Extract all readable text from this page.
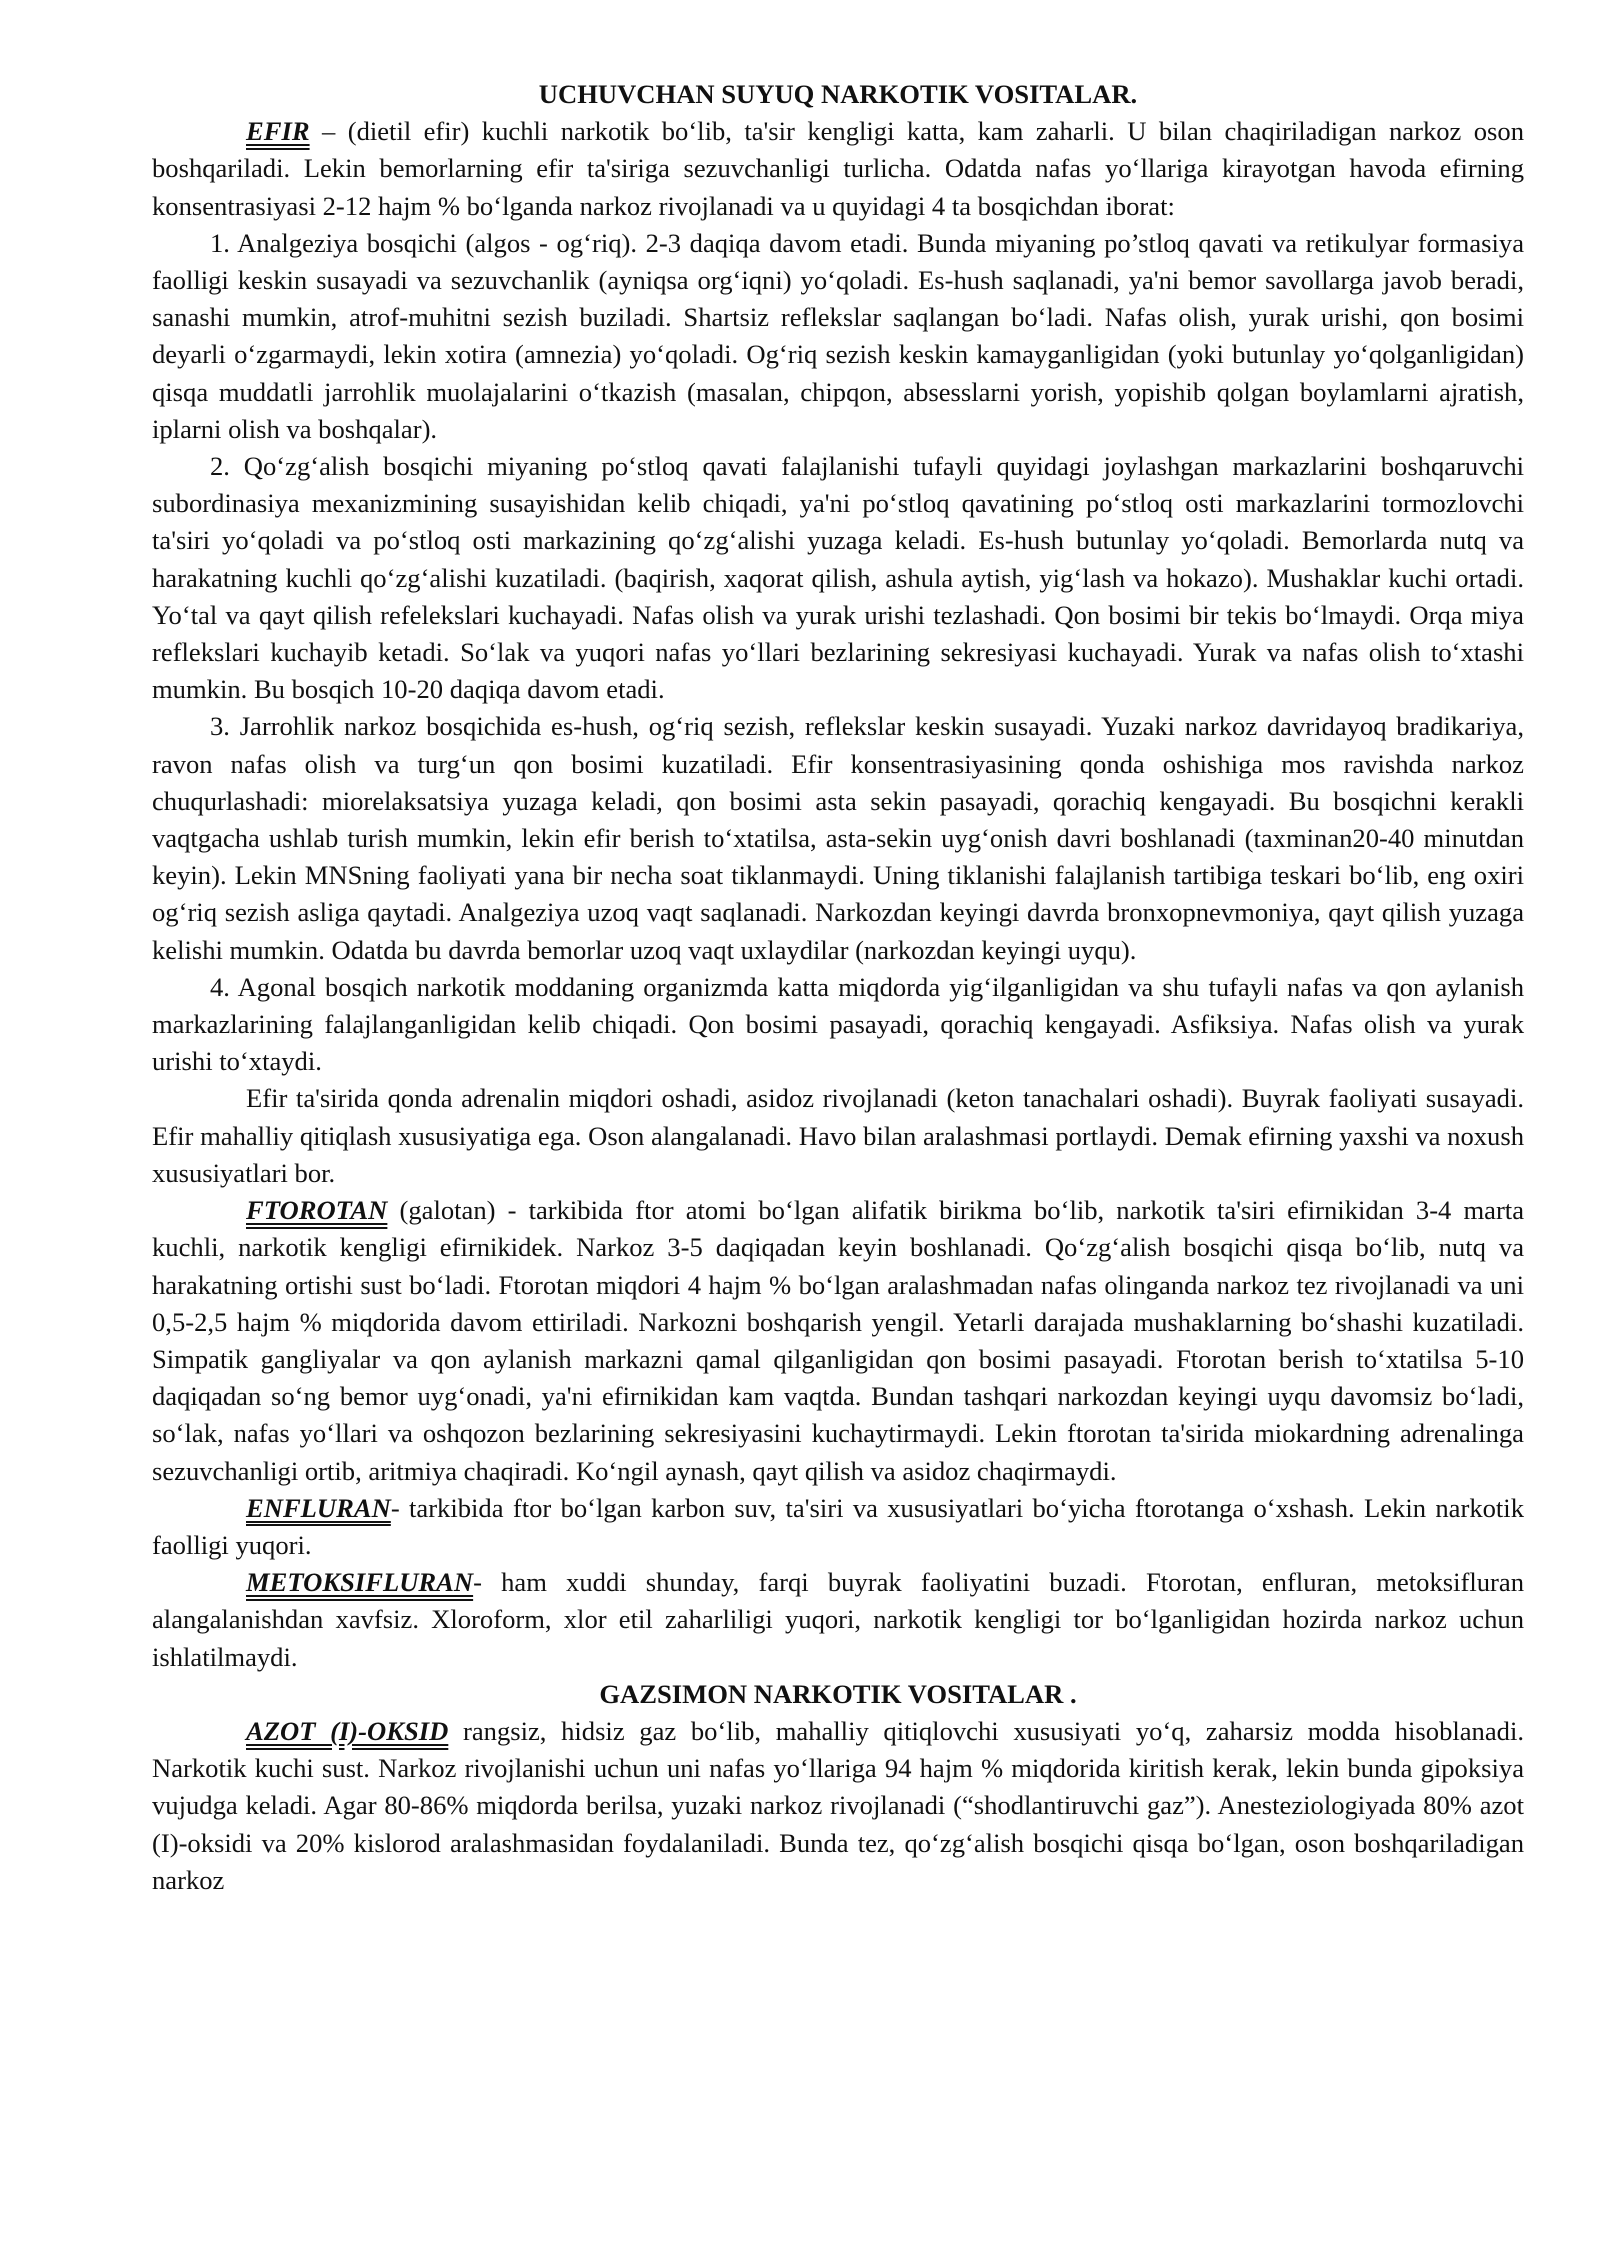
UCHUVCHAN SUYUQ NARKOTIK VOSITALAR.

EFIR – (dietil efir) kuchli narkotik bo‘lib, ta'sir kengligi katta, kam zaharli. U bilan chaqiriladigan narkoz oson boshqariladi. Lekin bemorlarning efir ta'siriga sezuvchanligi turlicha. Odatda nafas yo‘llariga kirayotgan havoda efirning konsentrasiyasi 2-12 hajm % bo‘lganda narkoz rivojlanadi va u quyidagi 4 ta bosqichdan iborat:

1. Analgeziya bosqichi (algos - og‘riq). 2-3 daqiqa davom etadi. Bunda miyaning po’stloq qavati va retikulyar formasiya faolligi keskin susayadi va sezuvchanlik (ayniqsa org‘iqni) yo‘qoladi. Es-hush saqlanadi, ya'ni bemor savollarga javob beradi, sanashi mumkin, atrof-muhitni sezish buziladi. Shartsiz reflekslar saqlangan bo‘ladi. Nafas olish, yurak urishi, qon bosimi deyarli o‘zgarmaydi, lekin xotira (amnezia) yo‘qoladi. Og‘riq sezish keskin kamayganligidan (yoki butunlay yo‘qolganligidan) qisqa muddatli jarrohlik muolajalarini o‘tkazish (masalan, chipqon, absesslarni yorish, yopishib qolgan boylamlarni ajratish, iplarni olish va boshqalar).

2. Qo‘zg‘alish bosqichi miyaning po‘stloq qavati falajlanishi tufayli quyidagi joylashgan markazlarini boshqaruvchi subordinasiya mexanizmining susayishidan kelib chiqadi, ya'ni po‘stloq qavatining po‘stloq osti markazlarini tormozlovchi ta'siri yo‘qoladi va po‘stloq osti markazining qo‘zg‘alishi yuzaga keladi. Es-hush butunlay yo‘qoladi. Bemorlarda nutq va harakatning kuchli qo‘zg‘alishi kuzatiladi. (baqirish, xaqorat qilish, ashula aytish, yig‘lash va hokazo). Mushaklar kuchi ortadi. Yo‘tal va qayt qilish refelekslari kuchayadi. Nafas olish va yurak urishi tezlashadi. Qon bosimi bir tekis bo‘lmaydi. Orqa miya reflekslari kuchayib ketadi. So‘lak va yuqori nafas yo‘llari bezlarining sekresiyasi kuchayadi. Yurak va nafas olish to‘xtashi mumkin. Bu bosqich 10-20 daqiqa davom etadi.

3. Jarrohlik narkoz bosqichida es-hush, og‘riq sezish, reflekslar keskin susayadi. Yuzaki narkoz davridayoq bradikariya, ravon nafas olish va turg‘un qon bosimi kuzatiladi. Efir konsentrasiyasining qonda oshishiga mos ravishda narkoz chuqurlashadi: miorelaksatsiya yuzaga keladi, qon bosimi asta sekin pasayadi, qorachiq kengayadi. Bu bosqichni kerakli vaqtgacha ushlab turish mumkin, lekin efir berish to‘xtatilsa, asta-sekin uyg‘onish davri boshlanadi (taxminan20-40 minutdan keyin). Lekin MNSning faoliyati yana bir necha soat tiklanmaydi. Uning tiklanishi falajlanish tartibiga teskari bo‘lib, eng oxiri og‘riq sezish asliga qaytadi. Analgeziya uzoq vaqt saqlanadi. Narkozdan keyingi davrda bronxopnevmoniya, qayt qilish yuzaga kelishi mumkin. Odatda bu davrda bemorlar uzoq vaqt uxlaydilar (narkozdan keyingi uyqu).

4. Agonal bosqich narkotik moddaning organizmda katta miqdorda yig‘ilganligidan va shu tufayli nafas va qon aylanish markazlarining falajlanganligidan kelib chiqadi. Qon bosimi pasayadi, qorachiq kengayadi. Asfiksiya. Nafas olish va yurak urishi to‘xtaydi.

Efir ta'sirida qonda adrenalin miqdori oshadi, asidoz rivojlanadi (keton tanachalari oshadi). Buyrak faoliyati susayadi. Efir mahalliy qitiqlash xususiyatiga ega. Oson alangalanadi. Havo bilan aralashmasi portlaydi. Demak efirning yaxshi va noxush xususiyatlari bor.

FTOROTAN (galotan) - tarkibida ftor atomi bo‘lgan alifatik birikma bo‘lib, narkotik ta'siri efirnikidan 3-4 marta kuchli, narkotik kengligi efirnikidek. Narkoz 3-5 daqiqadan keyin boshlanadi. Qo‘zg‘alish bosqichi qisqa bo‘lib, nutq va harakatning ortishi sust bo‘ladi. Ftorotan miqdori 4 hajm % bo‘lgan aralashmadan nafas olinganda narkoz tez rivojlanadi va uni 0,5-2,5 hajm % miqdorida davom ettiriladi. Narkozni boshqarish yengil. Yetarli darajada mushaklarning bo‘shashi kuzatiladi. Simpatik gangliyalar va qon aylanish markazni qamal qilganligidan qon bosimi pasayadi. Ftorotan berish to‘xtatilsa 5-10 daqiqadan so‘ng bemor uyg‘onadi, ya'ni efirnikidan kam vaqtda. Bundan tashqari narkozdan keyingi uyqu davomsiz bo‘ladi, so‘lak, nafas yo‘llari va oshqozon bezlarining sekresiyasini kuchaytirmaydi. Lekin ftorotan ta'sirida miokardning adrenalinga sezuvchanligi ortib, aritmiya chaqiradi. Ko‘ngil aynash, qayt qilish va asidoz chaqirmaydi.

ENFLURAN- tarkibida ftor bo‘lgan karbon suv, ta'siri va xususiyatlari bo‘yicha ftorotanga o‘xshash. Lekin narkotik faolligi yuqori.

METOKSIFLURAN- ham xuddi shunday, farqi buyrak faoliyatini buzadi. Ftorotan, enfluran, metoksifluran alangalanishdan xavfsiz. Xloroform, xlor etil zaharliligi yuqori, narkotik kengligi tor bo‘lganligidan hozirda narkoz uchun ishlatilmaydi.

GAZSIMON NARKOTIK VOSITALAR .

AZOT (I)-OKSID rangsiz, hidsiz gaz bo‘lib, mahalliy qitiqlovchi xususiyati yo‘q, zaharsiz modda hisoblanadi. Narkotik kuchi sust. Narkoz rivojlanishi uchun uni nafas yo‘llariga 94 hajm % miqdorida kiritish kerak, lekin bunda gipoksiya vujudga keladi. Agar 80-86% miqdorda berilsa, yuzaki narkoz rivojlanadi (“shodlantiruvchi gaz”). Anesteziologiyada 80% azot (I)-oksidi va 20% kislorod aralashmasidan foydalaniladi. Bunda tez, qo‘zg‘alish bosqichi qisqa bo‘lgan, oson boshqariladigan narkoz
